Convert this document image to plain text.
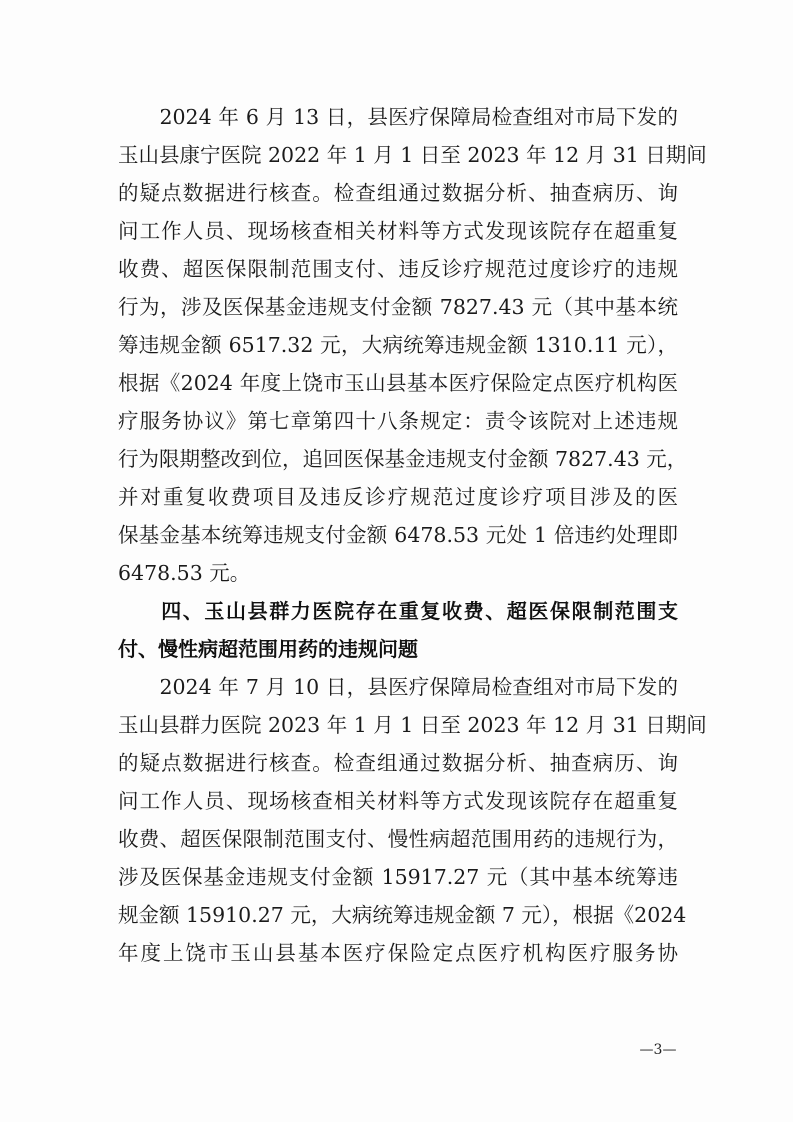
　　2024 年 6 月 13 日，县医疗保障局检查组对市局下发的
玉山县康宁医院 2022 年 1 月 1 日至 2023 年 12 月 31 日期间
的疑点数据进行核查。检查组通过数据分析、抽查病历、询
问工作人员、现场核查相关材料等方式发现该院存在超重复
收费、超医保限制范围支付、违反诊疗规范过度诊疗的违规
行为，涉及医保基金违规支付金额 7827.43 元（其中基本统
筹违规金额 6517.32 元，大病统筹违规金额 1310.11 元），
根据《2024 年度上饶市玉山县基本医疗保险定点医疗机构医
疗服务协议》第七章第四十八条规定：责令该院对上述违规
行为限期整改到位，追回医保基金违规支付金额 7827.43 元，
并对重复收费项目及违反诊疗规范过度诊疗项目涉及的医
保基金基本统筹违规支付金额 6478.53 元处 1 倍违约处理即
6478.53 元。
　　四、玉山县群力医院存在重复收费、超医保限制范围支
付、慢性病超范围用药的违规问题
　　2024 年 7 月 10 日，县医疗保障局检查组对市局下发的
玉山县群力医院 2023 年 1 月 1 日至 2023 年 12 月 31 日期间
的疑点数据进行核查。检查组通过数据分析、抽查病历、询
问工作人员、现场核查相关材料等方式发现该院存在超重复
收费、超医保限制范围支付、慢性病超范围用药的违规行为，
涉及医保基金违规支付金额 15917.27 元（其中基本统筹违
规金额 15910.27 元，大病统筹违规金额 7 元），根据《2024
年度上饶市玉山县基本医疗保险定点医疗机构医疗服务协
—3—
